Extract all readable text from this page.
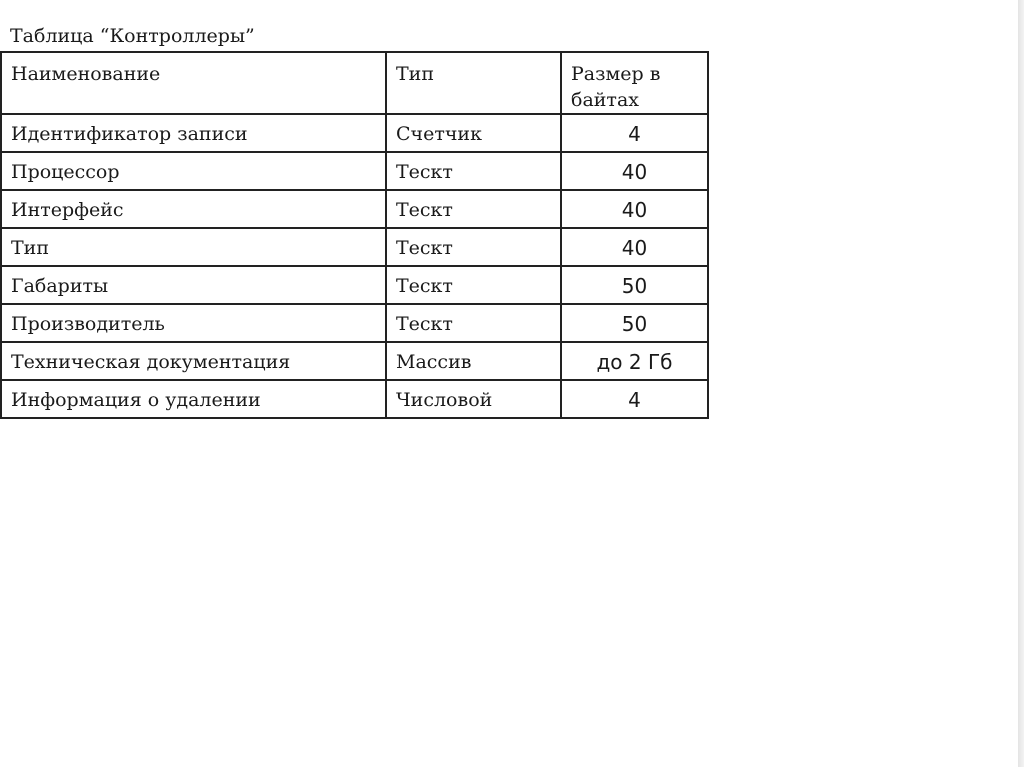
Таблица “Контроллеры”
Наименование	Тип	Размер в байтах
Идентификатор записи	Счетчик	4
Процессор	Тескт	40
Интерфейс	Тескт	40
Тип	Тескт	40
Габариты	Тескт	50
Производитель	Тескт	50
Техническая документация	Массив	до 2 Гб
Информация о удалении	Числовой	4
